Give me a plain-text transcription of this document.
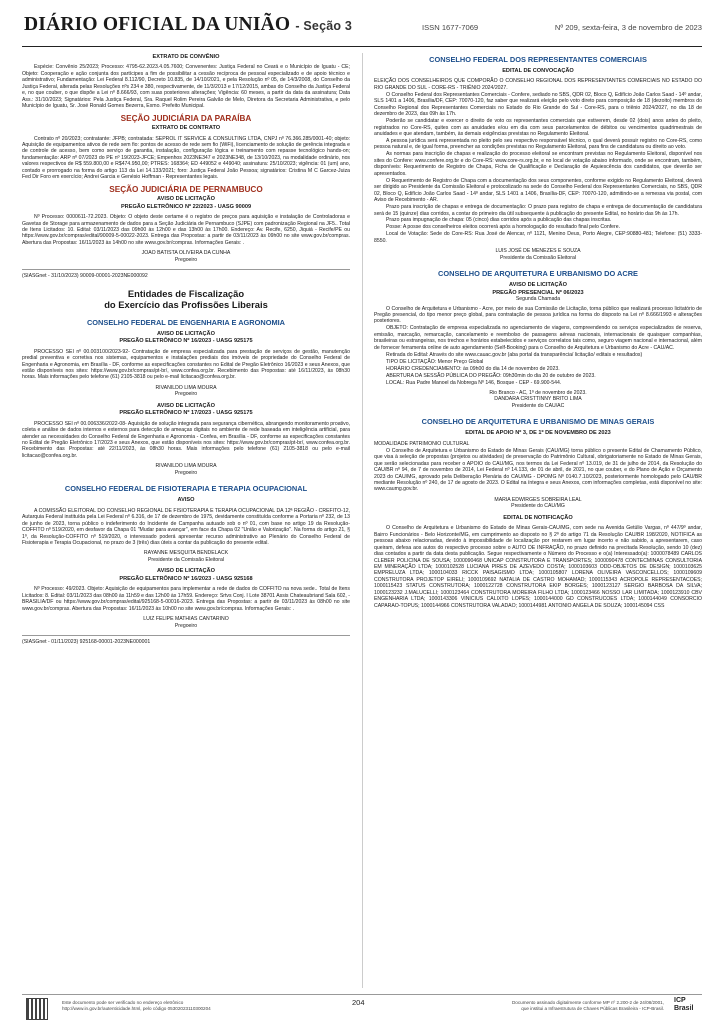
DIÁRIO OFICIAL DA UNIÃO - Seção 3	ISSN 1677-7069	Nº 209, sexta-feira, 3 de novembro de 2023
EXTRATO DE CONVÊNIO

Espécie: Convênio 25/2023; Processo: 4795-62.2023.4.05.7600; Convenentes: Justiça Federal no Ceará e o Município de Iguatu - CE; Objeto: Cooperação e ação conjunta dos partícipes a fim de possibilitar a cessão recíproca de pessoal especializado e de apoio técnico e administrativo; Fundamentação: Lei Federal 8.112/90, Decreto 10.835, de 14/10/2021, e pela Resolução nº 05, de 14/3/2008, do Conselho da Justiça Federal, alterada pelas Resoluções nºs 234 e 380, respectivamente, de 11/3/2013 e 17/12/2015, ambas do Conselho da Justiça Federal e, no que couber, o que dispõe a Lei nº 8.666/93, com suas posteriores alterações; Vigência: 60 meses, a partir da data da assinatura; Data Ass.: 31/10/2023; Signatários: Pela Justiça Federal, Sra. Raquel Rolim Pereira Galvão de Melo, Diretora da Secretaria Administrativa, e pelo Município de Iguatu, Sr. José Ronald Gomes Bezerra, Exmo. Prefeito Municipal.

SEÇÃO JUDICIÁRIA DA PARAÍBA
EXTRATO DE CONTRATO

Contrato nº 20/2023; contratante: JFPB; contratada: SEPROL IT SERVICE & CONSULTING LTDA, CNPJ nº 76.366.285/0001-40; objeto: Aquisição de equipamentos ativos de rede sem fio: pontos de acesso de rede sem fio (WiFi), licenciamento de solução de gerência integrada e de controle de acesso, bem como serviço de garantia, instalação, configuração lógica e treinamento com repasse tecnológico hands-on; fundamentação: ARP nº 07/2023 do PE nº 19/2023-JFCE; Empenhos 2023NE347 e 2023NE348, de 13/10/2023, na modalidade ordinário, nos valores respectivos de R$ 559.800,00 e R$474.950,00; PTRES: 168364; ED 449052 e 449040; assinatura: 25/10/2023; vigência: 01 (um) ano, contado e prorrogado na forma do artigo 113 da Lei 14.133/2021; foro: Justiça Federal João Pessoa; signatários: Cristina M C Garcez-Juiza Fed Dir Foro em exercício; Andrei Garcia e Genésio Hoffman - Representantes legais.

SEÇÃO JUDICIÁRIA DE PERNAMBUCO
AVISO DE LICITAÇÃO
PREGÃO ELETRÔNICO Nº 22/2023 - UASG 90009

Nº Processo: 0000611-72.2023. Objeto: O objeto deste certame é o registro de preços para aquisição e instalação de Controladoras e Gavetas de Storage para armazenamento de dados para a Seção Judiciária de Pernambuco (SJPE) com padronização Regional na JF5.. Total de Itens Licitados: 10. Edital: 03/11/2023 das 09h00 às 12h00 e das 13h00 às 17h00. Endereço: Av. Recife, 6250, Jiquiá - Recife/PE ou https://www.gov.br/compras/edital/90009-5-00022-2023. Entrega das Propostas: a partir de 03/11/2023 às 09h00 no site www.gov.br/compras. Abertura das Propostas: 16/11/2023 às 14h00 no site www.gov.br/compras. Informações Gerais: .

JOAO BATISTA OLIVEIRA DA CUNHA
Pregoeiro

(SIASGnet - 31/10/2023) 90009-00001-2023NE000092

Entidades de Fiscalização
do Exercício das Profissões Liberais
CONSELHO FEDERAL DE ENGENHARIA E AGRONOMIA
AVISO DE LICITAÇÃO
PREGÃO ELETRÔNICO Nº 16/2023 - UASG 925175

PROCESSO SEI nº 00.003100/2023-92- Contratação de empresa especializada para prestação de serviços de gestão, manutenção predial preventiva e corretiva nos sistemas, equipamentos e instalações prediais dos imóveis de propriedade do Conselho Federal de Engenharia e Agronomia, em Brasília - DF, conforme as especificações constantes no Edital de Pregão Eletrônico 16/2023 e seus Anexos, que estão disponíveis nos sites: https://www.gov.br/compras/pt-br/, www.confea.org.br. Recebimento das Propostas: até 16/11/2023, às 08h30 horas. Mais informações pelo telefone (61) 2105-3818 ou pelo e-mail licitacao@confea.org.br.

RIVANILDO LIMA MOURA
Pregoeiro
AVISO DE LICITAÇÃO
PREGÃO ELETRÔNICO Nº 17/2023 - UASG 925175

PROCESSO SEI nº 00.006336/2022-08- Aquisição de solução integrada para segurança cibernética, abrangendo monitoramento proativo, coleta e análise de dados internos e externos para detecção de ameaças digitais no ambiente de rede baseada em inteligência artificial, para atender as necessidades do Conselho Federal de Engenharia e Agronomia - Confea, em Brasília - DF, conforme as especificações constantes no Edital de Pregão Eletrônico 17/2023 e seus Anexos, que estão disponíveis nos sites: https://www.gov.br/compras/pt-br/, www.confea.org.br. Recebimento das Propostas: até 22/11/2023, às 08h30 horas. Mais informações pelo telefone (61) 2105-3818 ou pelo e-mail licitacao@confea.org.br.

RIVANILDO LIMA MOURA
Pregoeiro
CONSELHO FEDERAL DE FISIOTERAPIA E TERAPIA OCUPACIONAL
AVISO

A COMISSÃO ELEITORAL DO CONSELHO REGIONAL DE FISIOTERAPIA E TERAPIA OCUPACIONAL DA 12ª REGIÃO - CREFITO-12, Autarquia Federal instituída pela Lei Federal nº 6.316, de 17 de dezembro de 1975, devidamente constituída conforme a Portaria nº 232, de 13 de junho de 2023, torna público o indeferimento do Incidente de Campanha autuado sob o nº 01, com base no artigo 19 da Resolução-COFFITO nº 519/2020, em desfavor da Chapa 01 "Mudar para avançar", em face da Chapa 02 "União e Valorização". Na forma do artigo 21, § 1º, da Resolução-COFFITO nº 519/2020, o interessado poderá apresentar recurso administrativo ao Plenário do Conselho Federal de Fisioterapia e Terapia Ocupacional, no prazo de 3 (três) dias úteis a contar da publicação do presente edital.

RAYANNE MESQUITA BENDELACK
Presidente da Comissão Eleitoral
AVISO DE LICITAÇÃO
PREGÃO ELETRÔNICO Nº 16/2023 - UASG 925168

Nº Processo: 49/2023. Objeto: Aquisição de equipamentos para implementar a rede de dados do COFFITO na nova sede.. Total de Itens Licitados: 8. Edital: 03/11/2023 das 08h00 às 11h59 e das 12h00 às 17h59. Endereço: Srtvs Conj. I Lote 38701 Assis Chateaubriand Sala 602, - BRASILIA/DF ou https://www.gov.br/compras/edital/925168-5-00016-2023. Entrega das Propostas: a partir de 03/11/2023 às 08h00 no site www.gov.br/compras. Abertura das Propostas: 16/11/2023 às 10h00 no site www.gov.br/compras. Informações Gerais: .

LUIZ FELIPE MATHIAS CANTARINO
Pregoeiro

(SIASGnet - 01/11/2023) 925168-00001-2023NE000001

CONSELHO FEDERAL DOS REPRESENTANTES COMERCIAIS
EDITAL DE CONVOCAÇÃO

ELEIÇÃO DOS CONSELHEIROS QUE COMPORÃO O CONSELHO REGIONAL DOS REPRESENTANTES COMERCIAIS NO ESTADO DO RIO GRANDE DO SUL - CORE-RS - TRIÊNIO 2024/2027.

O Conselho Federal dos Representantes Comerciais - Confere, sediado no SBS, QDR 02, Bloco Q, Edifício João Carlos Saad - 14º andar, SLS 1401 a 1406, Brasília/DF, CEP: 70070-120, faz saber que realizará eleição pelo voto direto para composição de 18 (dezoito) membros do Conselho Regional dos Representantes Comerciais no Estado do Rio Grande do Sul - Core-RS, para o triênio 2024/2027, no dia 18 de dezembro de 2023, das 09h às 17h.

Poderão se candidatar e exercer o direito de voto os representantes comerciais que estiverem, desde 02 (dois) anos antes do pleito, registrados no Core-RS, quites com as anuidades e/ou em dia com seus parcelamentos de débitos ou vencimentos quadrimestrais de anuidades e que atendam, também, às demais exigências previstas no Regulamento Eleitoral.

A pessoa jurídica será representada no pleito pelo seu respectivo responsável técnico, o qual deverá possuir registro no Core-RS, como pessoa natural e, de igual forma, preencher as condições previstas no Regulamento Eleitoral, para fins de candidatura ou direito ao voto.

As normas para inscrição de chapas e realização do processo eleitoral se encontram previstas no Regulamento Eleitoral, disponível nos sites do Confere: www.confere.org.br e do Core-RS: www.core-rs.org.br, e no local de votação abaixo informado, onde se encontram, também, disponíveis: Requerimento de Registro de Chapa, Ficha de Qualificação e Declaração de Aquiescência dos candidatos, que deverão ser apresentados.

O Requerimento de Registro de Chapa com a documentação dos seus componentes, conforme exigido no Regulamento Eleitoral, deverá ser dirigido ao Presidente da Comissão Eleitoral e protocolizado na sede do Conselho Federal dos Representantes Comerciais, no SBS, QDR 02, Bloco Q, Edifício João Carlos Saad - 14º andar, SLS 1401 a 1406, Brasília-DF, CEP: 70070-120, admitindo-se a remessa via postal, com Aviso de Recebimento - AR.

Prazo para inscrição de chapas e entrega de documentação: O prazo para registro de chapa e entrega de documentação de candidatura será de 15 (quinze) dias corridos, a contar do primeiro dia útil subsequente à publicação do presente Edital, no horário das 9h às 17h.

Prazo para impugnação de chapa: 05 (cinco) dias corridos após a publicação das chapas inscritas.

Posse: A posse dos conselheiros eleitos ocorrerá após a homologação do resultado final pelo Confere.

Local de Votação: Sede do Core-RS: Rua José de Alencar, nº 1121, Menino Deus, Porto Alegre, CEP:90880-481; Telefone: (51) 3333-8550.

LUIS JOSÉ DE MENEZES E SOUZA
Presidente da Comissão Eleitoral
CONSELHO DE ARQUITETURA E URBANISMO DO ACRE
AVISO DE LICITAÇÃO
PREGÃO PRESENCIAL Nº 06/2023
Segunda Chamada

O Conselho de Arquitetura e Urbanismo - Acre, por meio de sua Comissão de Licitação, torna público que realizará processo licitatório de Pregão presencial, do tipo menor preço global, para contratação de pessoa jurídica na forma do disposto na Lei nº 8.666/1993 e alterações posteriores.

OBJETO: Contratação de empresa especializada no agenciamento de viagens, compreendendo os serviços especializados de reserva, emissão, marcação, remarcação, cancelamento e reembolso de passagens aéreas nacionais, internacionais de quaisquer companhias, brasileiras ou estrangeiras, nos trechos e horários estabelecidos e serviços correlatos tais como, seguro viagem nacional e internacional, além de fornecer ferramenta online de auto agendamento (Self-Booking) para o Conselho de Arquitetura e Urbanismo do Acre - CAU/AC.

Retirada do Edital: Através do site www.cauac.gov.br (aba portal da transparência/ licitação/ editais e resultados)

TIPO DE LICITAÇÃO: Menor Preço Global

HORÁRIO CREDENCIAMENTO: às 09h00 do dia 14 de novembro de 2023.

ABERTURA DA SESSÃO PÚBLICA DO PREGÃO: 09h30min do dia 20 de outubro de 2023.

LOCAL: Rua Padre Manoel da Nobrega Nº 146, Bosque - CEP - 69.900-544.

Rio Branco - AC, 1º de novembro de 2023.
DANDARA CRISTTINNY BRITO LIMA
Presidente do CAU/AC
CONSELHO DE ARQUITETURA E URBANISMO DE MINAS GERAIS
EDITAL DE APOIO Nº 3, DE 1º DE NOVEMBRO DE 2023

MODALIDADE PATRIMONIO CULTURAL

O Conselho de Arquitetura e Urbanismo do Estado de Minas Gerais (CAU/MG) torna público o presente Edital de Chamamento Público, que visa à seleção de propostas (projetos ou atividades) de preservação do Patrimônio Cultural, obrigatoriamente no Estado de Minas Gerais, que serão selecionadas para receber o APOIO do CAU/MG, nos termos da Lei Federal nº 13.019, de 31 de julho de 2014, da Resolução do CAU/BR nº 94, de 7 de novembro de 2014, Lei Federal nº 14.133, de 01 de abril, de 2021, no que couber, e do Plano de Ação e Orçamento 2023 do CAU/MG, aprovado pela Deliberação Plenária do CAU/MG - DPOMG Nº 0140.7.10/2023, posteriormente homologado pelo CAU/BR mediante Resolução nº 240, de 17 de agosto de 2023. O Edital na íntegra e seus Anexos, com informações completas, está disponível no site: www.caumg.gov.br.

MARIA EDWIRGES SOBREIRA LEAL
Presidente do CAU/MG
EDITAL DE NOTIFICAÇÃO

O Conselho de Arquitetura e Urbanismo do Estado de Minas Gerais-CAU/MG, com sede na Avenida Getúlio Vargas, nº 447/9º andar, Bairro Funcionários - Belo Horizonte/MG, em cumprimento ao disposto no § 2º do artigo 71 da Resolução CAU/BR 198/2020, NOTIFICA as pessoas abaixo relacionadas, devido à impossibilidade de localização por restarem em lugar incerto e não sabido, a apresentarem, caso queiram, defesa aos autos do respectivo processo sobre o AUTO DE INFRAÇÃO, no prazo definido na precitada Resolução, sendo 10 (dez) dias contados a partir da data desta publicação. Segue respectivamente o Número do Processo e o(a) Interessado(a): 1000078489 CARLOS CLEBER POLICINA DE SOUSA; 1000090468 UNICAP CONSTRUTORA E TRANSPORTES; 1000090478 CONTECMINAS CONSULTORIA EM MINERAÇÃO LTDA; 1000102528 LUCIANA PIRES DE AZEVEDO COSTA; 1000103603 ODD-OBJETOS DE DESIGN; 1000103625 EMPRELUZA LTDA; 1000104033 RICCK PAISAGISMO LTDA; 1000105807 LORENA OLIVEIRA VASCONCELLOS; 1000109609 CONSTRUTORA PROJETOP EIRELI; 1000109692 NATALIA DE CASTRO MOHAMAD; 1000115343 ACROPOLE REPRESENTACOES; 1000115423 STATUS CONSTRUTORA; 1000122728 CONSTRUTORA EKIP BORGES; 1000123127 SERGIO BARBOSA DA SILVA; 1000123232 J.MALUCELLI; 1000123464 CONSTRUTORA MOREIRA FILHO LTDA; 1000123466 NOSSO LAR LIMITADA; 1000123910 CBV ENGENHARIA LTDA; 1000143306 VINICIUS CALIXTO LOPES; 1000144000 GD CONSTRUCOES LTDA; 1000144049 CONSORCIO CAPARAO-TOPUS; 1000144966 CONSTRUTORA VALADAO; 1000144981 ANTONIO ANGELA DE SOUZA; 1000145094 CSS

Este documento pode ser verificado no endereço eletrônico
http://www.in.gov.br/autenticidade.html, pelo código 05302023110300204
204	Documento assinado digitalmente conforme MP nº 2.200-2 de 24/08/2001,
que institui a Infraestrutura de Chaves Públicas Brasileira - ICP-Brasil.
ICP
Brasil
